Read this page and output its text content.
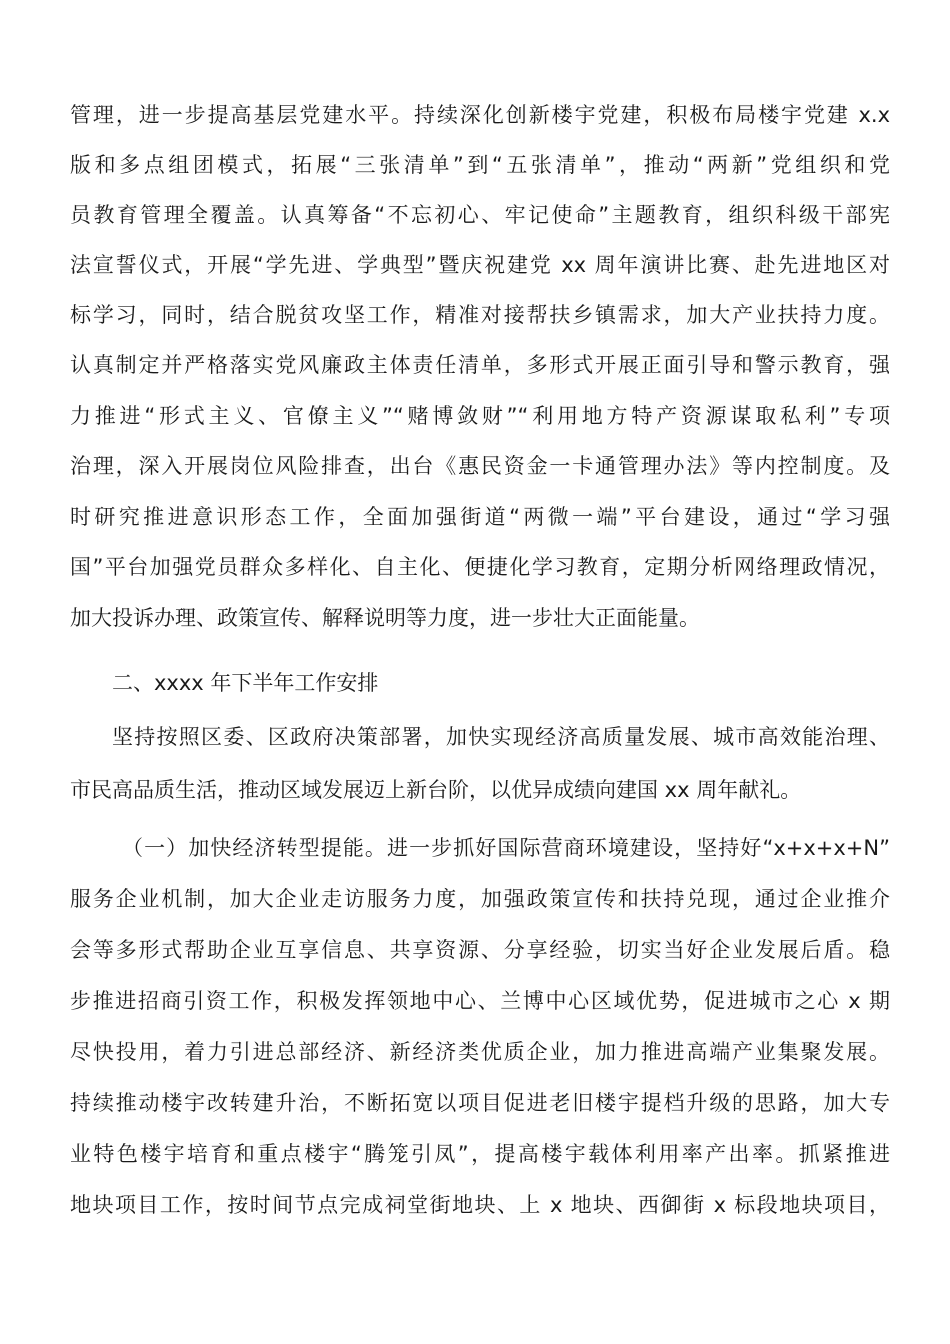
管理，进一步提高基层党建水平。持续深化创新楼宇党建，积极布局楼宇党建 x.x
版和多点组团模式，拓展“三张清单”到“五张清单”，推动“两新”党组织和党
员教育管理全覆盖。认真筹备“不忘初心、牢记使命”主题教育，组织科级干部宪
法宣誓仪式，开展“学先进、学典型”暨庆祝建党 xx 周年演讲比赛、赴先进地区对
标学习，同时，结合脱贫攻坚工作，精准对接帮扶乡镇需求，加大产业扶持力度。
认真制定并严格落实党风廉政主体责任清单，多形式开展正面引导和警示教育，强
力推进“形式主义、官僚主义”“赌博敛财”“利用地方特产资源谋取私利”专项
治理，深入开展岗位风险排查，出台《惠民资金一卡通管理办法》等内控制度。及
时研究推进意识形态工作，全面加强街道“两微一端”平台建设，通过“学习强
国”平台加强党员群众多样化、自主化、便捷化学习教育，定期分析网络理政情况，
加大投诉办理、政策宣传、解释说明等力度，进一步壮大正面能量。
二、xxxx 年下半年工作安排
坚持按照区委、区政府决策部署，加快实现经济高质量发展、城市高效能治理、
市民高品质生活，推动区域发展迈上新台阶，以优异成绩向建国 xx 周年献礼。
（一）加快经济转型提能。进一步抓好国际营商环境建设，坚持好“x+x+x+N”
服务企业机制，加大企业走访服务力度，加强政策宣传和扶持兑现，通过企业推介
会等多形式帮助企业互享信息、共享资源、分享经验，切实当好企业发展后盾。稳
步推进招商引资工作，积极发挥领地中心、兰博中心区域优势，促进城市之心 x 期
尽快投用，着力引进总部经济、新经济类优质企业，加力推进高端产业集聚发展。
持续推动楼宇改转建升治，不断拓宽以项目促进老旧楼宇提档升级的思路，加大专
业特色楼宇培育和重点楼宇“腾笼引凤”，提高楼宇载体利用率产出率。抓紧推进
地块项目工作，按时间节点完成祠堂街地块、上 x 地块、西御街 x 标段地块项目，
